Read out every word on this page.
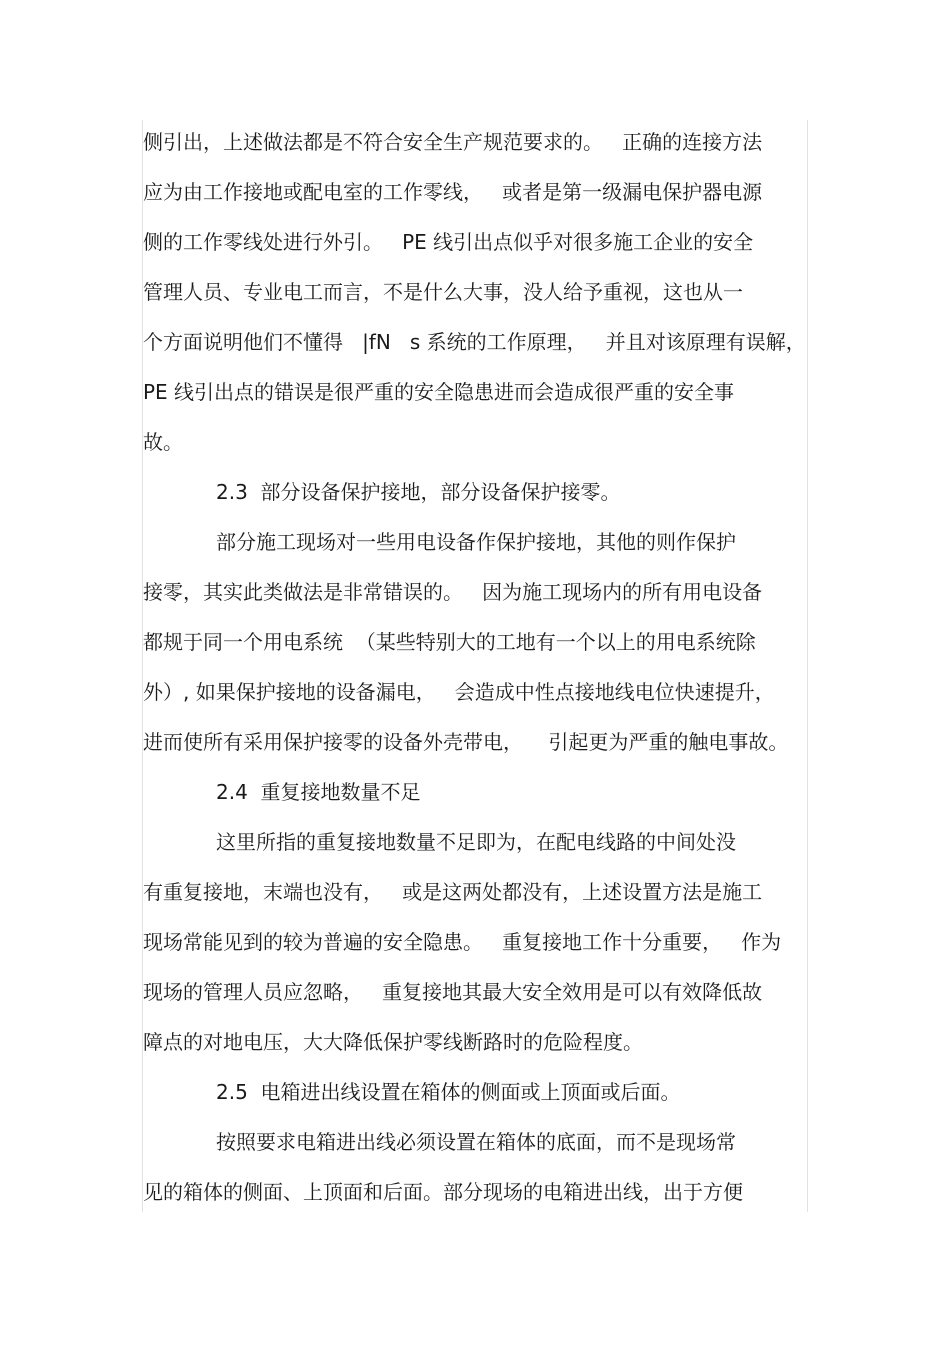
侧引出，上述做法都是不符合安全生产规范要求的。   正确的连接方法
应为由工作接地或配电室的工作零线，   或者是第一级漏电保护器电源
侧的工作零线处进行外引。   PE 线引出点似乎对很多施工企业的安全
管理人员、专业电工而言，不是什么大事，没人给予重视，这也从一
个方面说明他们不懂得   |fN   s 系统的工作原理，   并且对该原理有误解，
PE 线引出点的错误是很严重的安全隐患进而会造成很严重的安全事
故。
2.3  部分设备保护接地，部分设备保护接零。
部分施工现场对一些用电设备作保护接地，其他的则作保护
接零，其实此类做法是非常错误的。   因为施工现场内的所有用电设备
都规于同一个用电系统  （某些特别大的工地有一个以上的用电系统除
外）, 如果保护接地的设备漏电，   会造成中性点接地线电位快速提升，
进而使所有采用保护接零的设备外壳带电，    引起更为严重的触电事故。
2.4  重复接地数量不足
这里所指的重复接地数量不足即为，在配电线路的中间处没
有重复接地，末端也没有，   或是这两处都没有，上述设置方法是施工
现场常能见到的较为普遍的安全隐患。   重复接地工作十分重要，   作为
现场的管理人员应忽略，   重复接地其最大安全效用是可以有效降低故
障点的对地电压，大大降低保护零线断路时的危险程度。
2.5  电箱进出线设置在箱体的侧面或上顶面或后面。
按照要求电箱进出线必须设置在箱体的底面，而不是现场常
见的箱体的侧面、上顶面和后面。部分现场的电箱进出线，出于方便
